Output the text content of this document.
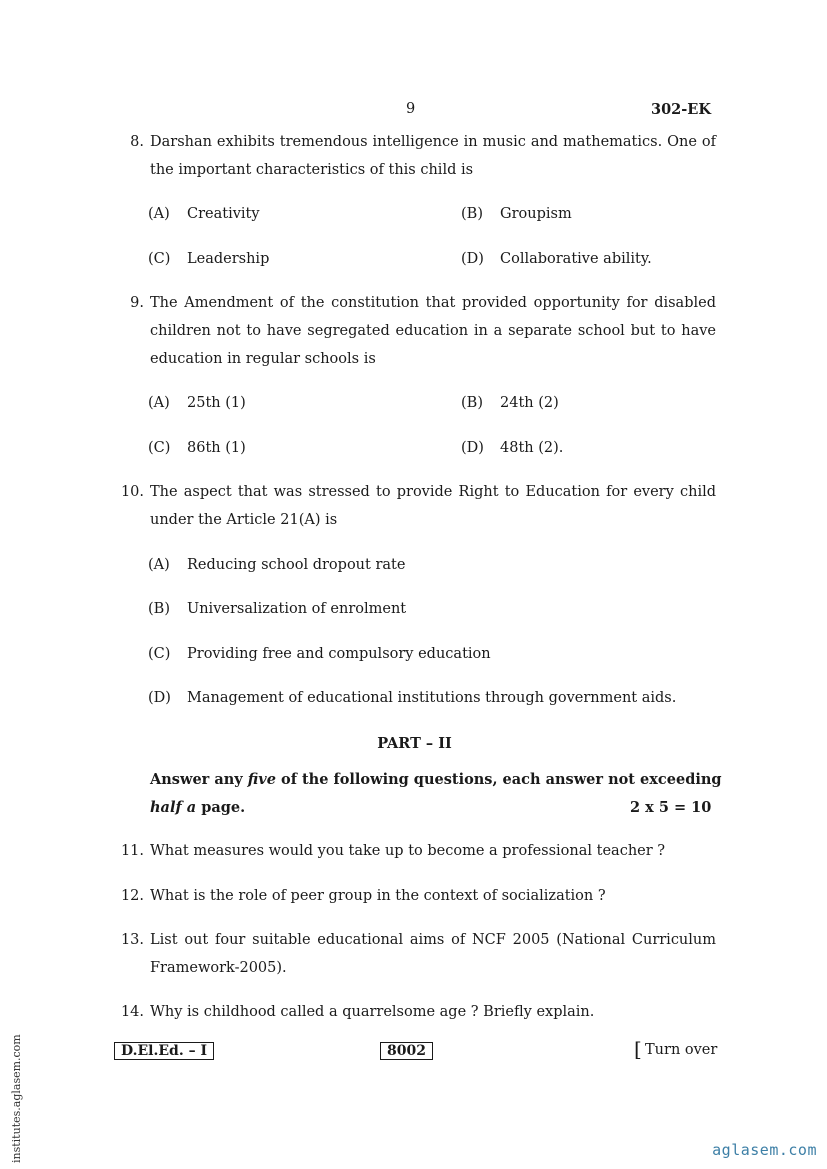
9	302-EK
8. Darshan exhibits tremendous intelligence in music and mathematics. One of the important characteristics of this child is
(A) Creativity	(B) Groupism
(C) Leadership	(D) Collaborative ability.
9. The Amendment of the constitution that provided opportunity for disabled children not to have segregated education in a separate school but to have education in regular schools is
(A) 25th (1)	(B) 24th (2)
(C) 86th (1)	(D) 48th (2).
10. The aspect that was stressed to provide Right to Education for every child under the Article 21(A) is
(A) Reducing school dropout rate
(B) Universalization of enrolment
(C) Providing free and compulsory education
(D) Management of educational institutions through government aids.
PART – II
Answer any five of the following questions, each answer not exceeding
half a page.	2 x 5 = 10
11. What measures would you take up to become a professional teacher ?
12. What is the role of peer group in the context of socialization ?
13. List out four suitable educational aims of NCF 2005 (National Curriculum Framework-2005).
14. Why is childhood called a quarrelsome age ? Briefly explain.
D.El.Ed. – I	8002	[ Turn over
institutes.aglasem.com	aglasem.com
